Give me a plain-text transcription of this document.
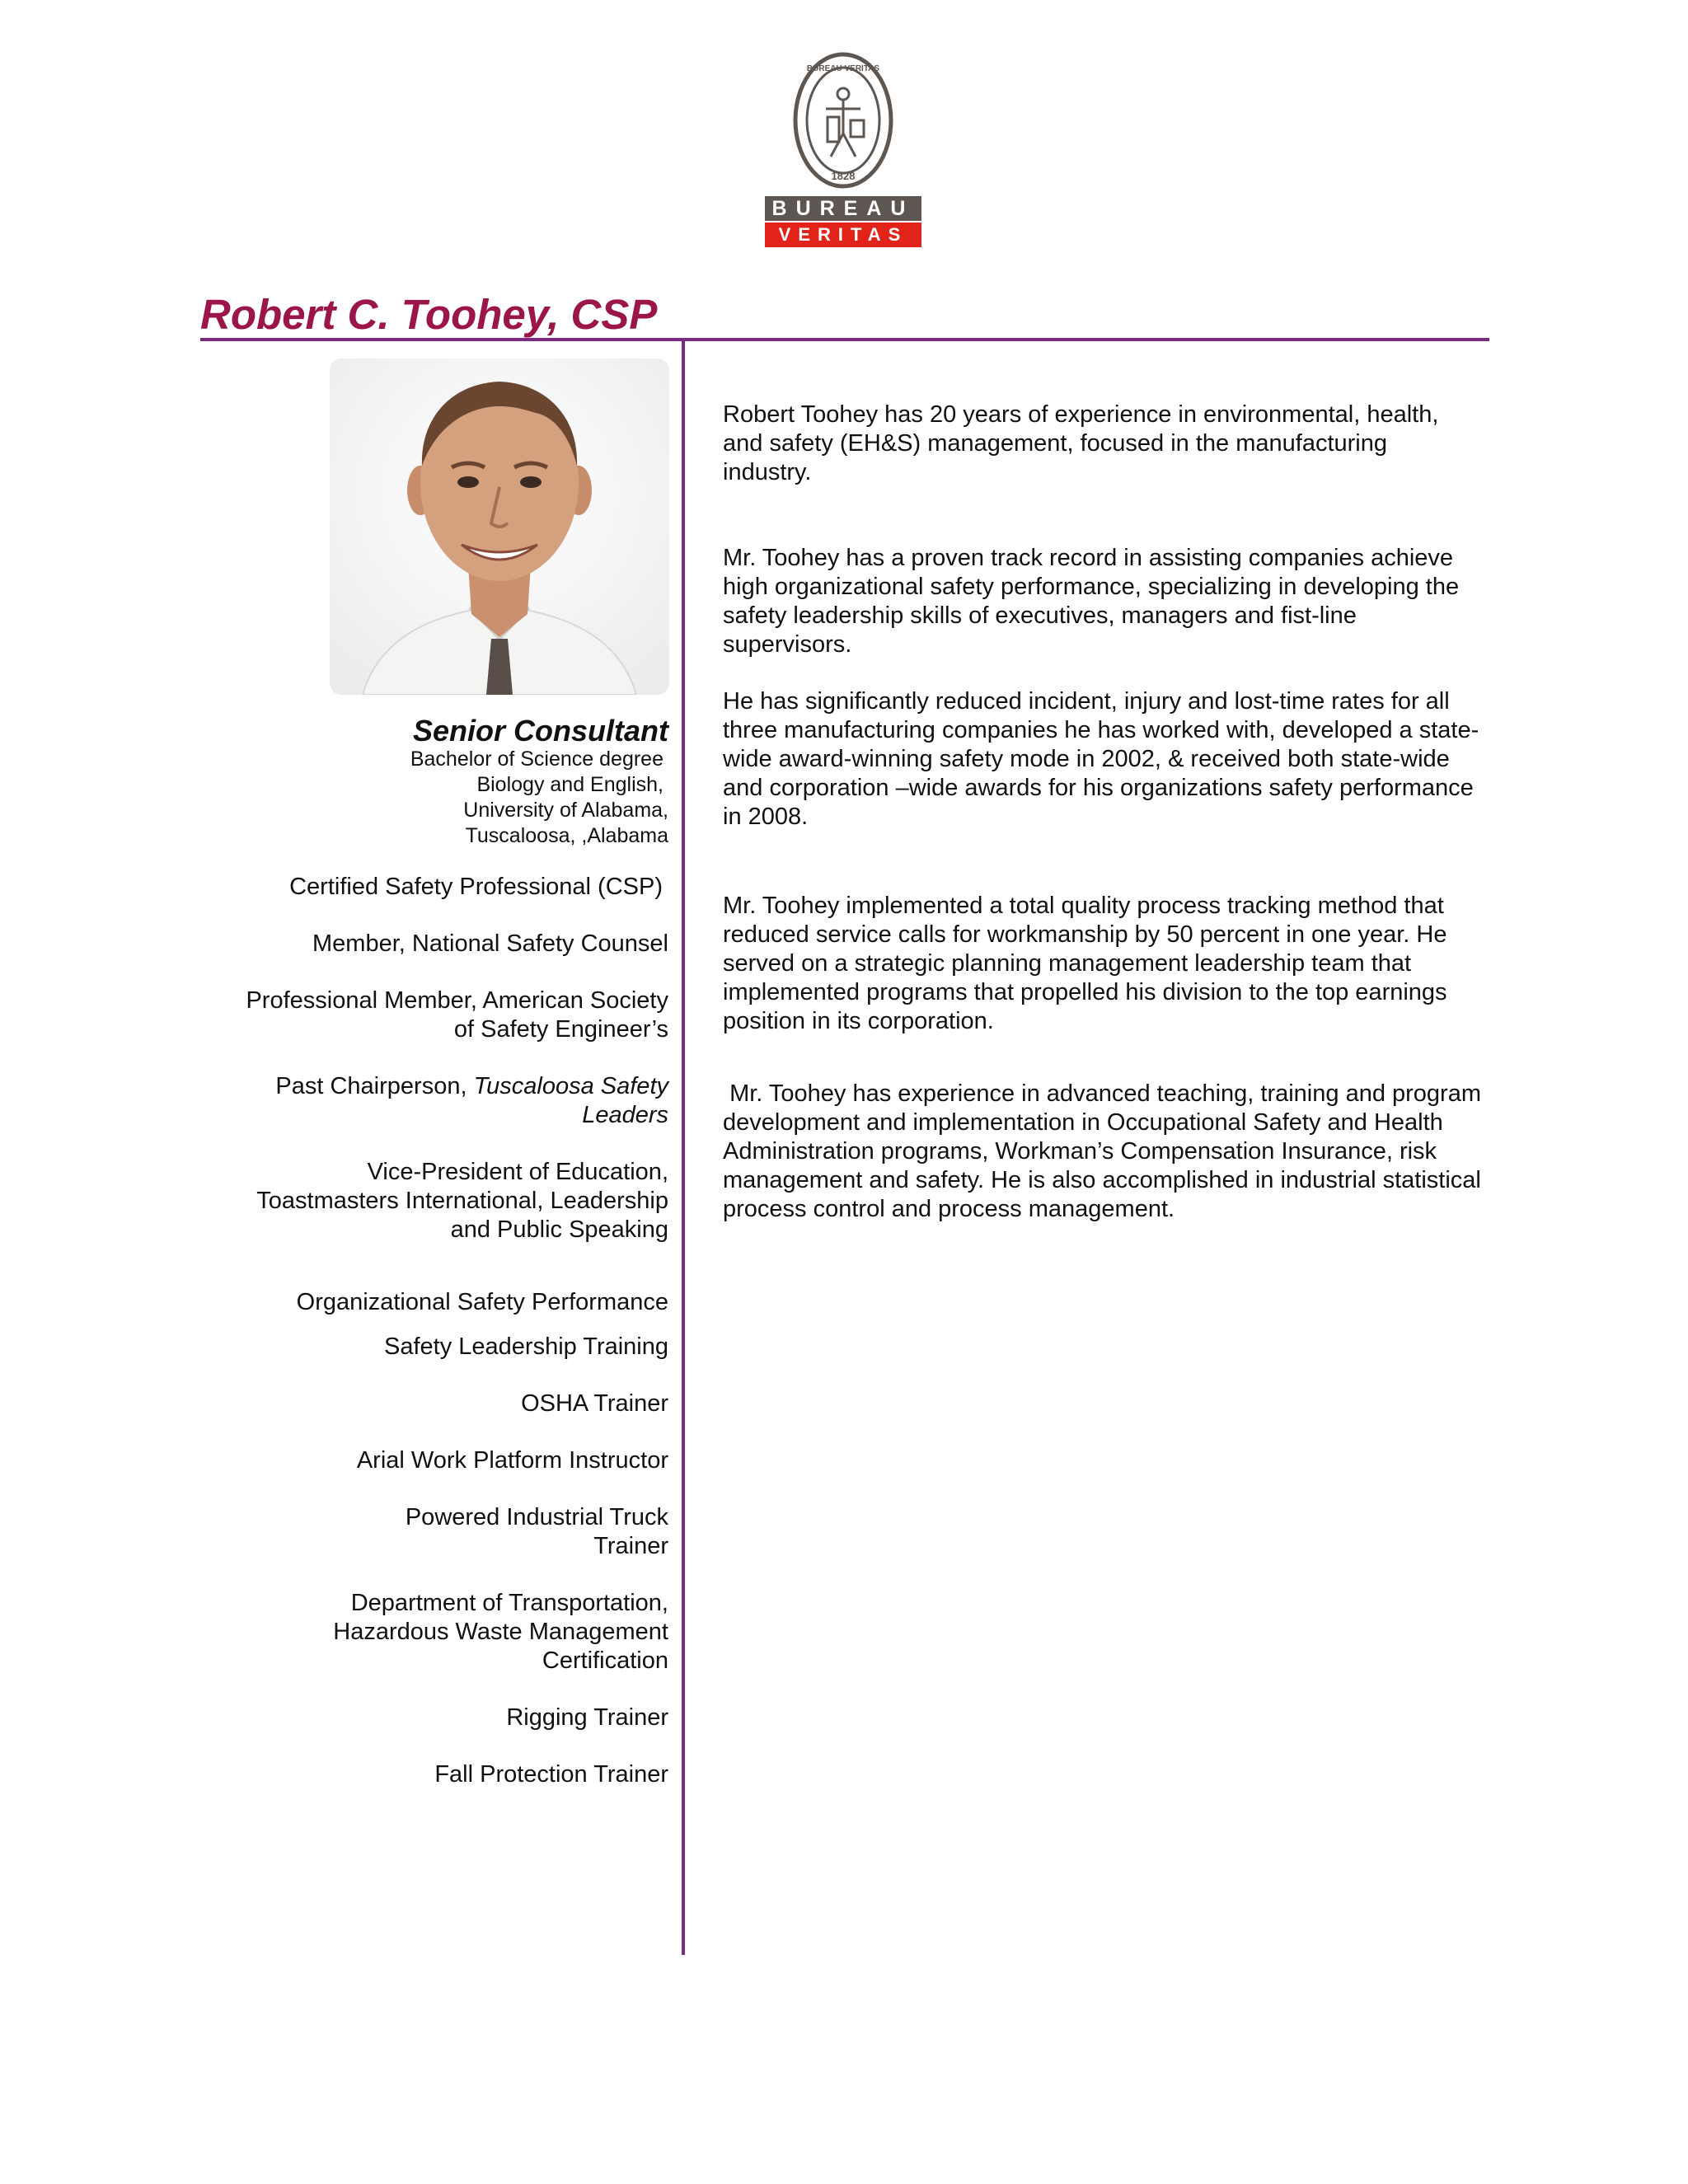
BUREAU VERITAS
1828
BUREAU
VERITAS
Robert C. Toohey, CSP

Senior Consultant

Bachelor of Science degree

Biology and English,

University of Alabama,

Tuscaloosa, ,Alabama

Certified Safety Professional (CSP)

Member, National Safety Counsel

Professional Member, American Society

of Safety Engineer’s

Past Chairperson, Tuscaloosa Safety

Leaders

Vice-President of Education,

Toastmasters International, Leadership

and Public Speaking

Organizational Safety Performance

Safety Leadership Training

OSHA Trainer

Arial Work Platform Instructor

Powered Industrial Truck

Trainer

Department of Transportation,

Hazardous Waste Management

Certification

Rigging Trainer

Fall Protection Trainer

Robert Toohey has 20 years of experience in environmental, health, and safety (EH&S) management, focused in the manufacturing industry.

Mr. Toohey has a proven track record in assisting companies achieve high organizational safety performance, specializing in developing the safety leadership skills of executives, managers and fist-line supervisors.

He has significantly reduced incident, injury and lost-time rates for all three manufacturing companies he has worked with, developed a state-wide award-winning safety mode in 2002, & received both state-wide and corporation –wide awards for his organizations safety performance in 2008.

Mr. Toohey implemented a total quality process tracking method that reduced service calls for workmanship by 50 percent in one year. He served on a strategic planning management leadership team that implemented programs that propelled his division to the top earnings position in its corporation.

Mr. Toohey has experience in advanced teaching, training and program development and implementation in Occupational Safety and Health Administration programs, Workman’s Compensation Insurance, risk management and safety. He is also accomplished in industrial statistical process control and process management.
